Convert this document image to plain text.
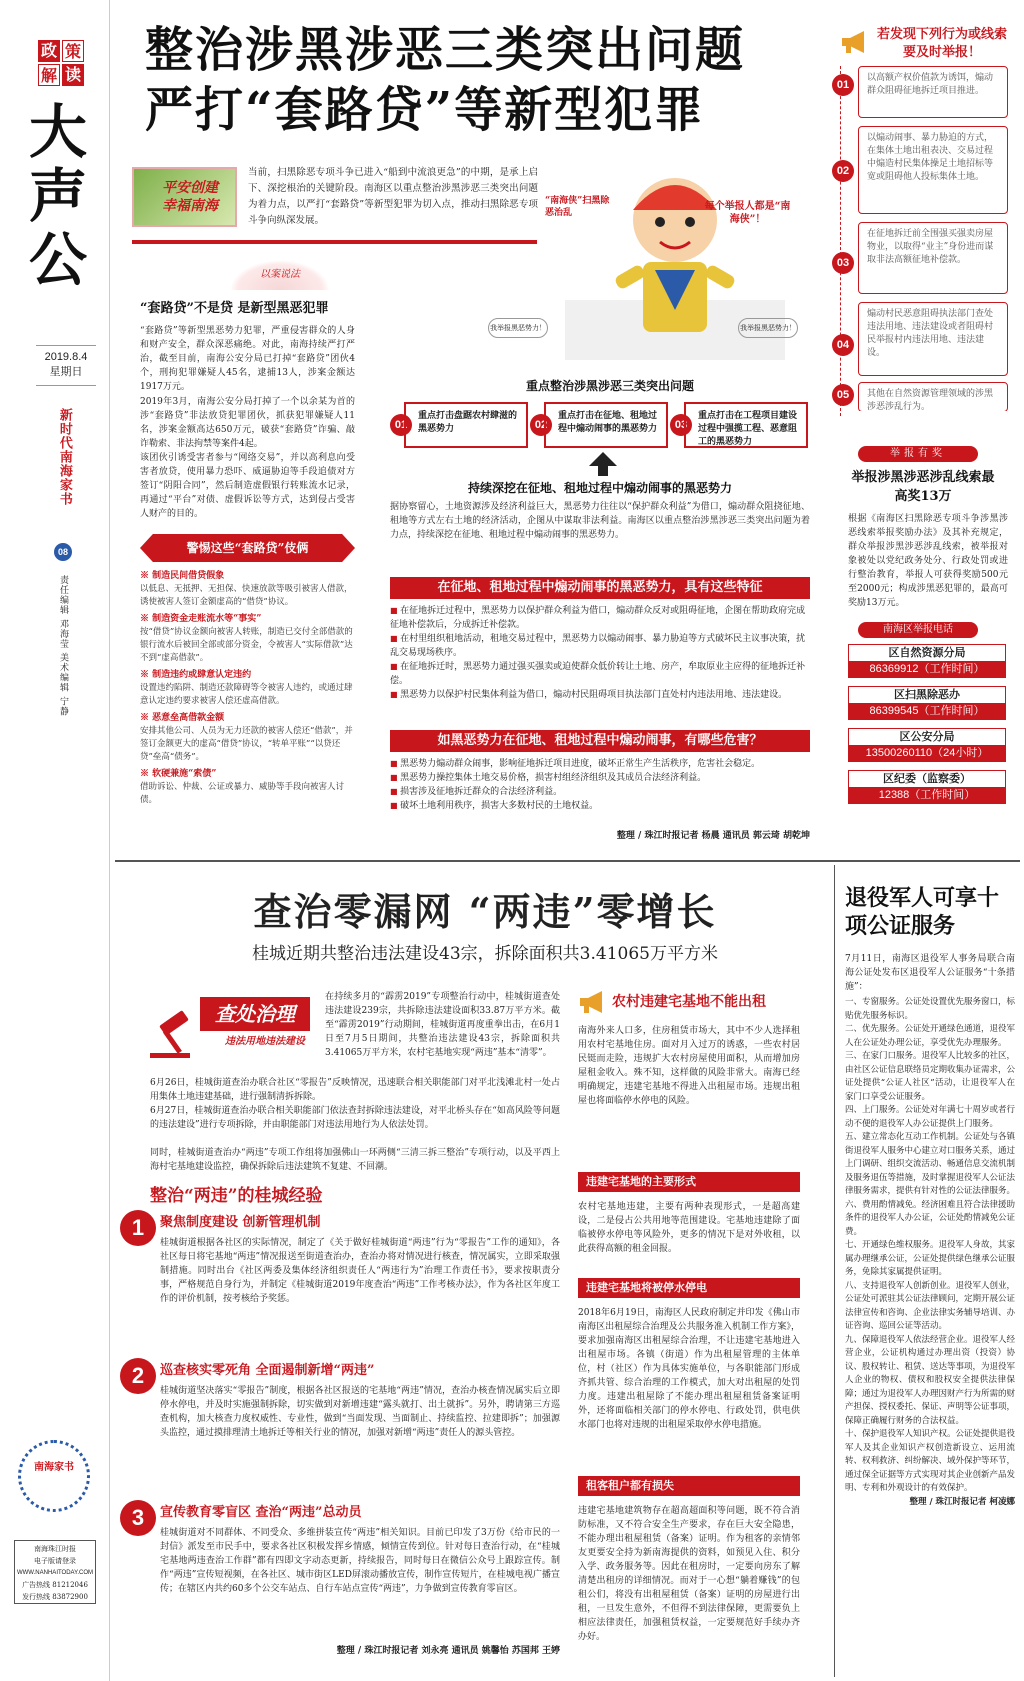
政 策
解 读
大声公
2019.8.4
星期日
新时代南海家书
08
责任编辑 邓海莹 美术编辑 宁静
南海家书
南海珠江时报
电子版请登录
WWW.NANHAITODAY.COM
广告热线 81212046
发行热线 83872900
整治涉黑涉恶三类突出问题
严打“套路贷”等新型犯罪
平安创建 幸福南海
当前，扫黑除恶专项斗争已进入“船到中流浪更急”的中期，是承上启下、深挖根治的关键阶段。南海区以重点整治涉黑涉恶三类突出问题为着力点，以严打“套路贷”等新型犯罪为切入点，推动扫黑除恶专项斗争向纵深发展。
“南海侠”扫黑除恶治乱
每个举报人都是“南海侠”！
我举报黑恶势力！	我举报黑恶势力！
以案说法
“套路贷”不是贷 是新型黑恶犯罪
“套路贷”等新型黑恶势力犯罪，严重侵害群众的人身和财产安全，群众深恶痛绝。对此，南海持续严打严治，截至目前，南海公安分局已打掉“套路贷”团伙4个，刑拘犯罪嫌疑人45名，逮捕13人，涉案金额达1917万元。
2019年3月，南海公安分局打掉了一个以余某为首的涉“套路贷”非法放贷犯罪团伙，抓获犯罪嫌疑人11名，涉案金额高达650万元，破获“套路贷”诈骗、敲诈勒索、非法拘禁等案件4起。
该团伙引诱受害者参与“网络交易”，并以高利息向受害者放贷，使用暴力恐吓、威逼胁迫等手段追债对方签订“阴阳合同”，然后制造虚假银行转账流水记录，再通过“平台”对债、虚假诉讼等方式，达到侵占受害人财产的目的。
警惕这些“套路贷”伎俩
※ 制造民间借贷假象
以低息、无抵押、无担保、快速放款等吸引被害人借款，诱使被害人签订金额虚高的“借贷”协议。
※ 制造资金走账流水等“事实”
按“借贷”协议金额向被害人转账，制造已交付全部借款的银行流水后被回全部或部分资金，令被害人“实际借款”达不到“虚高借款”。
※ 制造违约或肆意认定违约
设置违约陷阱、制造还款障碍等令被害人违约，或通过肆意认定违约要求被害人偿还虚高借款。
※ 恶意垒高借款金额
安排其他公司、人员为无力还款的被害人偿还“借款”，并签订金额更大的虚高“借贷”协议，“转单平账”“以贷还贷”垒高“债务”。
※ 软硬兼施“索债”
借助诉讼、仲裁、公证或暴力、威胁等手段向被害人讨债。
重点整治涉黑涉恶三类突出问题
01
重点打击盘踞农村肆滋的黑恶势力	02
重点打击在征地、租地过程中煽动闹事的黑恶势力	03
重点打击在工程项目建设过程中强揽工程、恶意阻工的黑恶势力
持续深挖在征地、租地过程中煽动闹事的黑恶势力
据协察留心，土地资源涉及经济利益巨大，黑恶势力往往以“保护群众利益”为借口，煽动群众阻挠征地、租地等方式左右土地的经济活动，企图从中谋取非法利益。南海区以重点整治涉黑涉恶三类突出问题为着力点，持续深挖在征地、租地过程中煽动闹事的黑恶势力。
在征地、租地过程中煽动闹事的黑恶势力，具有这些特征
■ 在征地拆迁过程中，黑恶势力以保护群众利益为借口，煽动群众反对或阻碍征地，企图在帮助政府完成征地补偿款后，分成拆迁补偿款。
■ 在村里组织租地活动，租地交易过程中，黑恶势力以煽动闹事、暴力胁迫等方式破坏民主议事决策，扰乱交易现场秩序。
■ 在征地拆迁时，黑恶势力通过强买强卖或迫使群众低价转让土地、房产，牟取原业主应得的征地拆迁补偿。
■ 黑恶势力以保护村民集体利益为借口，煽动村民阻碍项目执法部门直处村内违法用地、违法建设。
如黑恶势力在征地、租地过程中煽动闹事，有哪些危害？
■ 黑恶势力煽动群众闹事，影响征地拆迁项目进度，破坏正常生产生活秩序，危害社会稳定。
■ 黑恶势力操控集体土地交易价格，损害村组经济组织及其成员合法经济利益。
■ 损害涉及征地拆迁群众的合法经济利益。
■ 破坏土地利用秩序，损害大多数村民的土地权益。
整理 / 珠江时报记者 杨晨 通讯员 郭云琦 胡乾坤
若发现下列行为或线索要及时举报！
01
以高额产权价值款为诱饵，煽动群众阻碍征地拆迁项目推进。
02
以煽动闹事、暴力胁迫的方式，在集体土地出租表决、交易过程中煽造村民集体操足土地招标等宽或阻碍他人投标集体土地。
03
在征地拆迁前全围强买强卖房屋物业，以取得“业主”身份进而谋取非法高额征地补偿款。
04
煽动村民恶意阻碍执法部门查处违法用地、违法建设或者阻碍村民举报村内违法用地、违法建设。
05	其他在自然资源管理领域的涉黑涉恶涉乱行为。
举报有奖
举报涉黑涉恶涉乱线索最高奖13万
根据《南海区扫黑除恶专项斗争涉黑涉恶线索举报奖励办法》及其补充规定，群众举报涉黑涉恶涉乱线索，被举报对象被处以党纪政务处分、行政处罚或进行整治教育，举报人可获得奖励500元至2000元；构成涉黑恶犯罪的，最高可奖励13万元。
南海区举报电话
区自然资源分局
86369912（工作时间）
区扫黑除恶办
86399545（工作时间）
区公安分局
13500260110（24小时）
区纪委（监察委）
12388（工作时间）
查治零漏网 “两违”零增长
桂城近期共整治违法建设43宗，拆除面积共3.41065万平方米
查处治理
违法用地违法建设
在持续多月的“霹雳2019”专项整治行动中，桂城街道查处违法建设239宗，共拆除违法建设面积33.87万平方米。截至“霹雳2019”行动期间，桂城街道再度重拳出击，在6月1日至7月5日期间，共整治违法建设43宗，拆除面积共3.41065万平方米，农村宅基地实现“两违”基本“清零”。
6月26日，桂城街道查治办联合社区“零报告”反映情况，迅速联合相关职能部门对平北浅滩北村一处占用集体土地违建基础，进行强制清拆拆除。
6月27日，桂城街道查治办联合相关职能部门依法查封拆除违法建设，对平北桥头存在“如高风险等问题的违法建设”进行专项拆除，并由职能部门对违法用地行为人依法处罚。
同时，桂城街道查治办“两违”专项工作组将加强佛山一环两侧“三清三拆三整治”专项行动，以及平西上海村宅基地建设监控，确保拆除后违法建筑不复建、不回潮。
整治“两违”的桂城经验
1	聚焦制度建设 创新管理机制
桂城街道根据各社区的实际情况，制定了《关于做好桂城街道“两违”行为“零报告”工作的通知》，各社区每日将宅基地“两违”情况报送至街道查治办，查治办将对情况进行核查，情况属实，立即采取强制措施。同时出台《社区两委及集体经济组织责任人“两违行为”治理工作责任书》，要求按职责分事，严格规范自身行为，并制定《桂城街道2019年度查治“两违”工作考核办法》，作为各社区年度工作的评价机制，按考核给予奖惩。
2	巡查核实零死角 全面遏制新增“两违”
桂城街道坚决落实“零报告”制度，根据各社区报送的宅基地“两违”情况，查治办核查情况属实后立即停水停电，并及时实施强制拆除，切实做到对新增违建“露头就打、出土就拆”。另外，聘请第三方巡查机构，加大核查力度权威性、专业性，做到“当面发现、当面制止、持续监控、拉建即拆”；加强源头监控，通过摸排理清土地拆迁等相关行业的情况，加强对新增“两违”责任人的源头管控。
3	宣传教育零盲区 查治“两违”总动员
桂城街道对不同群体、不同受众、多维拼装宣传“两违”相关知识。目前已印发了3万份《给市民的一封信》派发至市民手中，要求各社区积极发挥乡情感，倾情宣传到位。针对每日查治行动，在“桂城宅基地两违查治工作群”都有四即文字动态更新，持续报告，同时每日在微信公众号上跟踪宣传。制作“两违”宣传短视频，在各社区、城市街区LED屏滚动播放宣传，制作宣传短片，在桂城电视广播宣传；在辖区内共约60多个公交车站点、自行车站点宣传“两违”，力争做到宣传教育零盲区。
整理 / 珠江时报记者 刘永亮 通讯员 姚馨怡 苏国邦 王婷
农村违建宅基地不能出租
南海外来人口多，住房租赁市场大，其中不少人选择租用农村宅基地住房。面对月入过万的诱惑，一些农村居民铤而走险，违规扩大农村房屋使用面积，从而增加房屋租金收入。殊不知，这样做的风险非常大。南海已经明确规定，违建宅基地不得进入出租屋市场。违规出租屋也将面临停水停电的风险。
违建宅基地的主要形式
农村宅基地违建，主要有两种表现形式，一是超高建设，二是侵占公共用地等范围建设。宅基地违建除了面临被停水停电等风险外，更多的情况下是对外收租，以此获得高额的租金回报。
违建宅基地将被停水停电
2018年6月19日，南海区人民政府制定并印发《佛山市南海区出租屋综合治理及公共服务准入机制工作方案》，要求加强南海区出租屋综合治理，不让违建宅基地进入出租屋市场。各镇（街道）作为出租屋管理的主体单位，村（社区）作为具体实施单位，与各职能部门形成齐抓共管、综合治理的工作模式，加大对出租屋的处罚力度。违建出租屋除了不能办理出租屋租赁备案证明外，还将面临相关部门的停水停电、行政处罚，供电供水部门也将对违规的出租屋采取停水停电措施。
租客租户都有损失
违建宅基地建筑物存在超高超面积等问题，既不符合消防标准，又不符合安全生产要求，存在巨大安全隐患，不能办理出租屋租赁（备案）证明。作为租客的亲情邻友更要安全持为新南海提供的资料，如预见入住、积分入学、政务服务等。因此在租房时，一定要向房东了解清楚出租房的详细情况。而对于一心想“躺着赚钱”的包租公们，将没有出租屋租赁（备案）证明的房屋进行出租，一旦发生意外，不但得不到法律保障，更需要负上相应法律责任，加强租赁权益，一定要规范好手续办齐办好。
退役军人可享十项公证服务
7月11日，南海区退役军人事务局联合南海公证处发布区退役军人公证服务“十条措施”：
一、专窗服务。公证处设置优先服务窗口，标贴优先服务标识。
二、优先服务。公证处开通绿色通道，退役军人在公证处办理公证，享受优先办理服务。
三、在家门口服务。退役军人比较多的社区，由社区公证信息联络员定期收集办证需求，公证处提供“公证人社区”活动，让退役军人在家门口享受公证服务。
四、上门服务。公证处对年满七十周岁或者行动不便的退役军人办公证提供上门服务。
五、建立常态化互动工作机制。公证处与各镇街退役军人服务中心建立对口服务关系，通过上门调研、组织交流活动、畅通信息交流机制及服务退伍等措施，及时掌握退役军人公证法律服务需求，提供有针对性的公证法律服务。
六、费用酌情减免。经济困难且符合法律援助条件的退役军人办公证，公证处酌情减免公证费。
七、开通绿色维权服务。退役军人身故，其家属办理继承公证，公证处提供绿色继承公证服务，免除其家属提供证明。
八、支持退役军人创新创业。退役军人创业，公证处可派驻其公证法律顾问，定期开展公证法律宣传和咨询、企业法律实务辅导培训、办证咨询、巡回公证等活动。
九、保障退役军人依法经营企业。退役军人经营企业，公证机构通过办理出资（投资）协议、股权转让、租赁、送达等事项，为退役军人企业的物权、债权和股权安全提供法律保障；通过为退役军人办理因财产行为所需的财产担保、授权委托、保证、声明等公证事项，保障正确履行财务的合法权益。
十、保护退役军人知识产权。公证处提供退役军人及其企业知识产权创造新设立、运用流转、权利救济、纠纷解决、域外保护等环节，通过保全证据等方式实现对其企业创新产品发明、专利和外观设计的有效保护。
整理 / 珠江时报记者 柯凌娜
